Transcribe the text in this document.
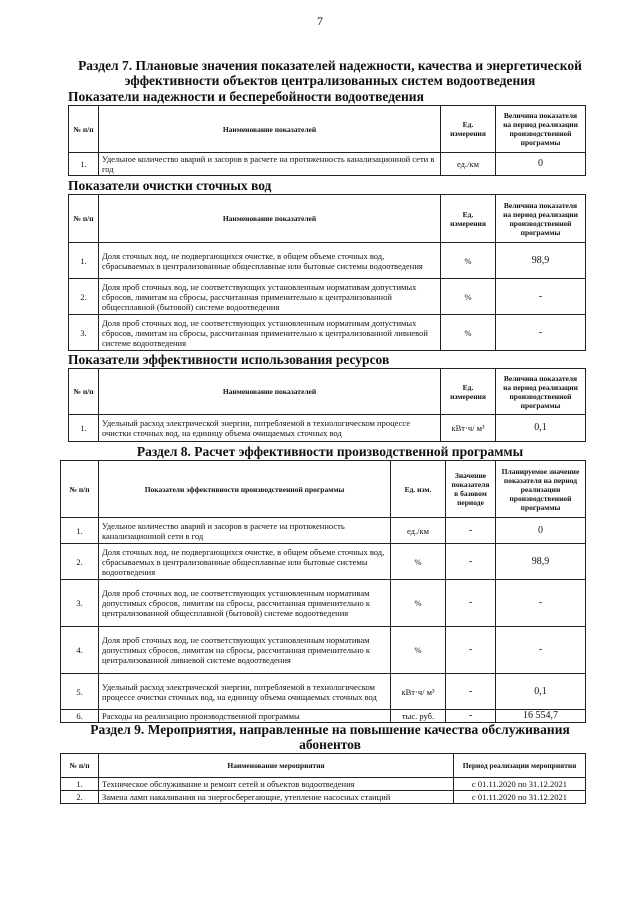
7
Раздел 7. Плановые значения показателей надежности, качества и энергетической
эффективности объектов централизованных систем водоотведения
Показатели надежности и бесперебойности водоотведения
№ п/п	Наименование показателей	Ед. измерения	Величина показателя на период реализации производственной программы
1.	Удельное количество аварий и засоров в расчете на протяженность канализационной сети в год	ед./км	0
Показатели очистки сточных вод
№ п/п	Наименование показателей	Ед. измерения	Величина показателя на период реализации производственной программы
1.	Доля сточных вод, не подвергающихся очистке, в общем объеме сточных вод, сбрасываемых в централизованные общесплавные или бытовые системы водоотведения	%	98,9
2.	Доля проб сточных вод, не соответствующих установленным нормативам допустимых сбросов, лимитам на сбросы, рассчитанная применительно к централизованной общесплавной (бытовой) системе водоотведения	%	-
3.	Доля проб сточных вод, не соответствующих установленным нормативам допустимых сбросов, лимитам на сбросы, рассчитанная применительно к централизованной ливневой системе водоотведения	%	-
Показатели эффективности использования ресурсов
№ п/п	Наименование показателей	Ед. измерения	Величина показателя на период реализации производственной программы
1.	Удельный расход электрической энергии, потребляемой в технологическом процессе очистки сточных вод, на единицу объема очищаемых сточных вод	кВт·ч/ м³	0,1
Раздел 8. Расчет эффективности производственной программы
№ п/п	Показатели эффективности производственной программы	Ед. изм.	Значение показателя в базовом периоде	Планируемое значение показателя на период реализации производственной программы
1.	Удельное количество аварий и засоров в расчете на протяженность канализационной сети в год	ед./км	-	0
2.	Доля сточных вод, не подвергающихся очистке, в общем объеме сточных вод, сбрасываемых в централизованные общесплавные или бытовые системы водоотведения	%	-	98,9
3.	Доля проб сточных вод, не соответствующих установленным нормативам допустимых сбросов, лимитам на сбросы, рассчитанная применительно к централизованной общесплавной (бытовой) системе водоотведения	%	-	-
4.	Доля проб сточных вод, не соответствующих установленным нормативам допустимых сбросов, лимитам на сбросы, рассчитанная применительно к централизованной ливневой системе водоотведения	%	-	-
5.	Удельный расход электрической энергии, потребляемой в технологическом процессе очистки сточных вод, на единицу объема очищаемых сточных вод	кВт·ч/ м³	-	0,1
6.	Расходы на реализацию производственной программы	тыс. руб.	-	16 554,7
Раздел 9. Мероприятия, направленные на повышение качества обслуживания
абонентов
№ п/п	Наименование мероприятия	Период реализации мероприятия
1.	Техническое обслуживание и ремонт сетей и объектов водоотведения	с 01.11.2020 по 31.12.2021
2.	Замена ламп накаливания на энергосберегающие, утепление насосных станций	с 01.11.2020 по 31.12.2021
